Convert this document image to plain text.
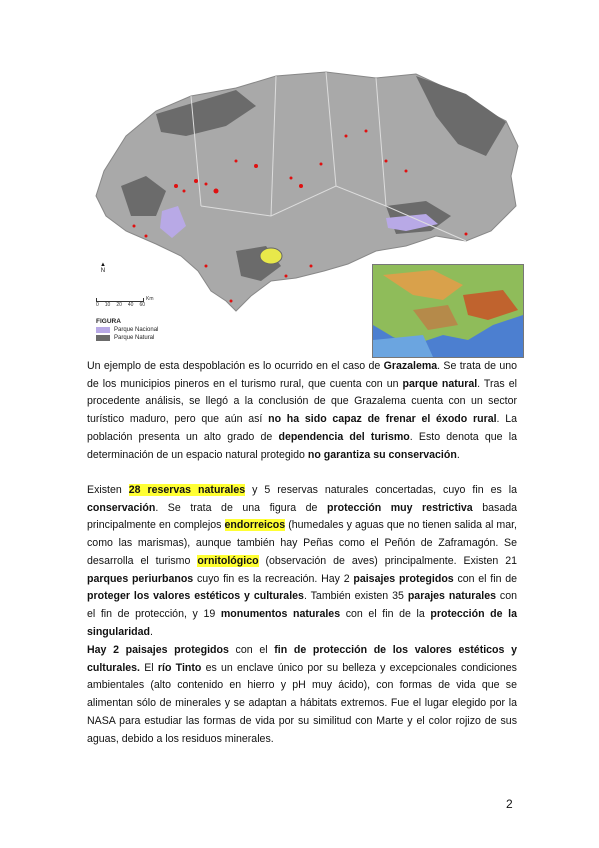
▲
N
Km
0 10 20 40 60
FIGURA
Parque Nacional
Parque Natural
Un ejemplo de esta despoblación es lo ocurrido en el caso de Grazalema. Se trata de uno de los municipios pineros en el turismo rural, que cuenta con un parque natural. Tras el procedente análisis, se llegó a la conclusión de que Grazalema cuenta con un sector turístico maduro, pero que aún así no ha sido capaz de frenar el éxodo rural. La población presenta un alto grado de dependencia del turismo. Esto denota que la determinación de un espacio natural protegido no garantiza su conservación.
Existen 28 reservas naturales y 5 reservas naturales concertadas, cuyo fin es la conservación. Se trata de una figura de protección muy restrictiva basada principalmente en complejos endorreicos (humedales y aguas que no tienen salida al mar, como las marismas), aunque también hay Peñas como el Peñón de Zaframagón. Se desarrolla el turismo ornitológico (observación de aves) principalmente. Existen 21 parques periurbanos cuyo fin es la recreación. Hay 2 paisajes protegidos con el fin de proteger los valores estéticos y culturales. También existen 35 parajes naturales con el fin de protección, y 19 monumentos naturales con el fin de la protección de la singularidad.
Hay 2 paisajes protegidos con el fin de protección de los valores estéticos y culturales. El río Tinto es un enclave único por su belleza y excepcionales condiciones ambientales (alto contenido en hierro y pH muy ácido), con formas de vida que se alimentan sólo de minerales y se adaptan a hábitats extremos. Fue el lugar elegido por la NASA para estudiar las formas de vida por su similitud con Marte y el color rojizo de sus aguas, debido a los residuos minerales.
2
